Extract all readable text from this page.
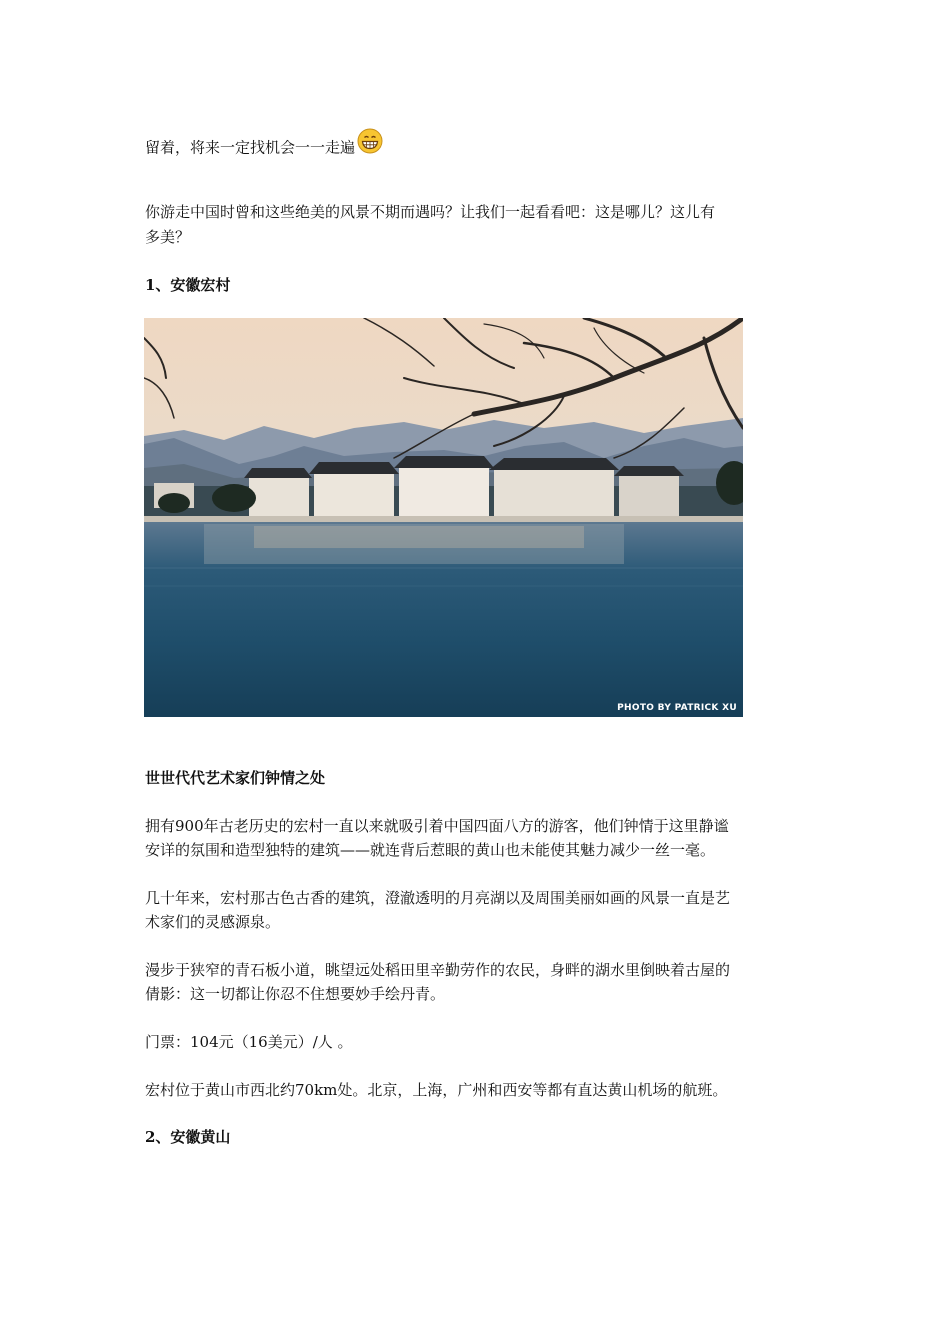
留着，将来一定找机会一一走遍
你游走中国时曾和这些绝美的风景不期而遇吗？让我们一起看看吧：这是哪儿？这儿有
多美？
1、安徽宏村
PHOTO BY PATRICK XU
世世代代艺术家们钟情之处
拥有900年古老历史的宏村一直以来就吸引着中国四面八方的游客，他们钟情于这里静谧
安详的氛围和造型独特的建筑——就连背后惹眼的黄山也未能使其魅力减少一丝一毫。
几十年来，宏村那古色古香的建筑，澄澈透明的月亮湖以及周围美丽如画的风景一直是艺
术家们的灵感源泉。
漫步于狭窄的青石板小道，眺望远处稻田里辛勤劳作的农民，身畔的湖水里倒映着古屋的
倩影：这一切都让你忍不住想要妙手绘丹青。
门票：104元（16美元）/人 。
宏村位于黄山市西北约70km处。北京，上海，广州和西安等都有直达黄山机场的航班。
2、安徽黄山
